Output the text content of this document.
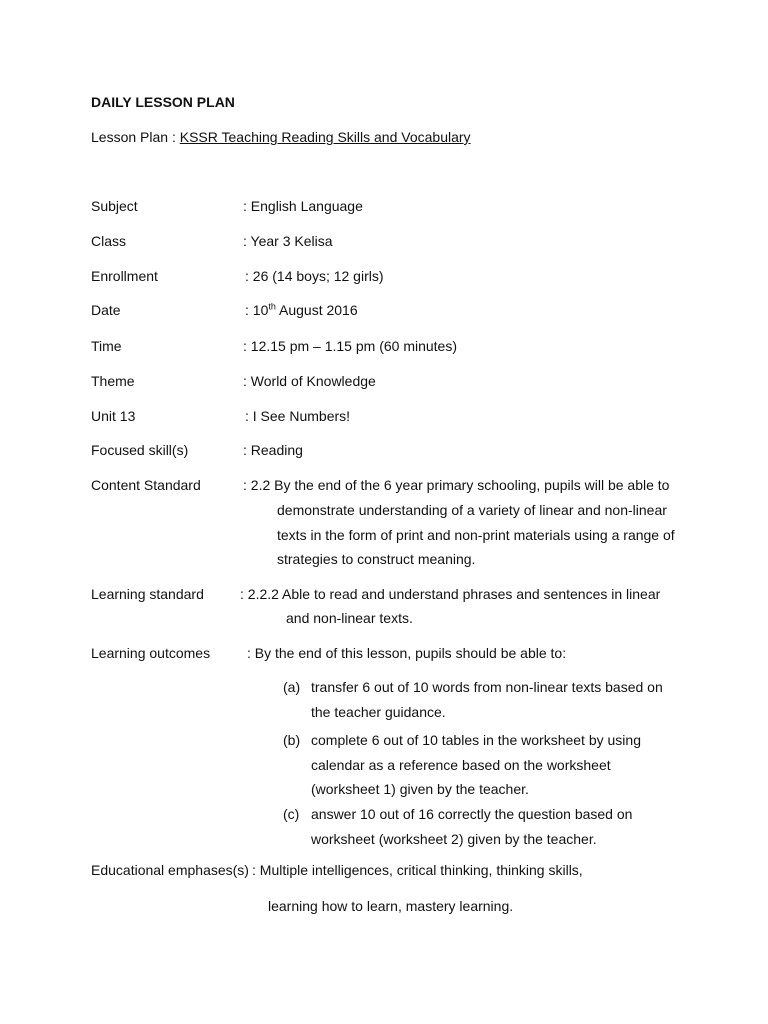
DAILY LESSON PLAN
Lesson Plan : KSSR Teaching Reading Skills and Vocabulary
Subject	: English Language
Class	: Year 3 Kelisa
Enrollment	: 26 (14 boys; 12 girls)
Date	: 10th August 2016
Time	: 12.15 pm – 1.15 pm (60 minutes)
Theme	: World of Knowledge
Unit 13	: I See Numbers!
Focused skill(s)	: Reading
Content Standard	: 2.2 By the end of the 6 year primary schooling, pupils will be able to
demonstrate understanding of a variety of linear and non-linear
texts in the form of print and non-print materials using a range of
strategies to construct meaning.
Learning standard	: 2.2.2 Able to read and understand phrases and sentences in linear
and non-linear texts.
Learning outcomes	: By the end of this lesson, pupils should be able to:
(a) transfer 6 out of 10 words from non-linear texts based on
the teacher guidance.
(b) complete 6 out of 10 tables in the worksheet by using
calendar as a reference based on the worksheet
(worksheet 1) given by the teacher.
(c) answer 10 out of 16 correctly the question based on
worksheet (worksheet 2) given by the teacher.
Educational emphases(s) : Multiple intelligences, critical thinking, thinking skills,
learning how to learn, mastery learning.
